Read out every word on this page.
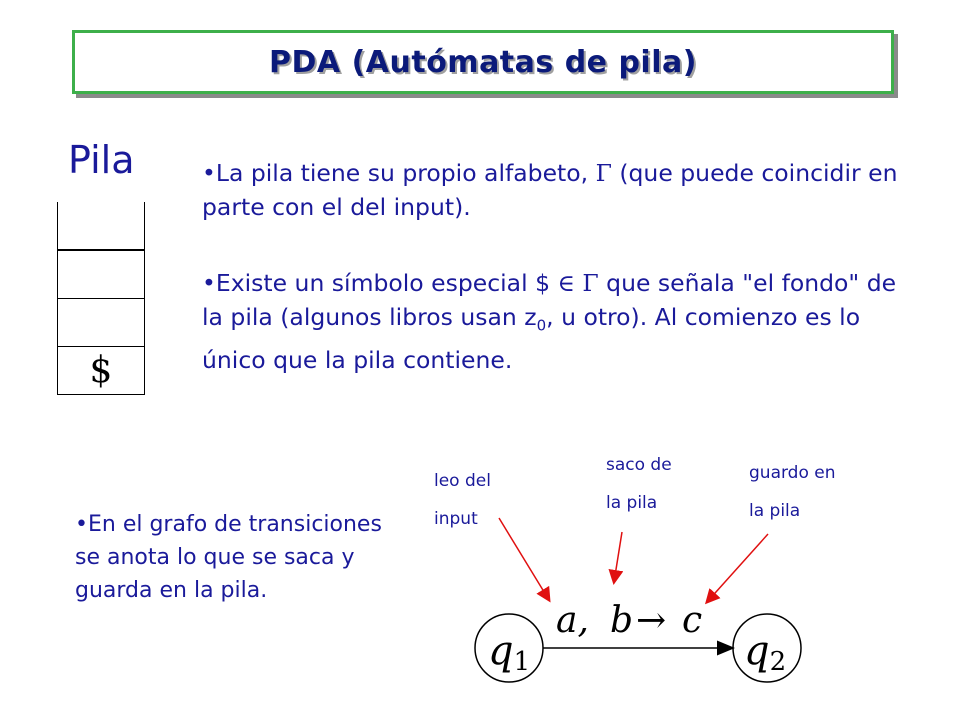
PDA (Autómatas de pila)
Pila
$
•La pila tiene su propio alfabeto, Γ (que puede coincidir en parte con el del input).
•Existe un símbolo especial $ ∈ Γ que señala "el fondo" de la pila (algunos libros usan $z_0$, u otro). Al comienzo es lo único que la pila contiene.
•En el grafo de transiciones se anota lo que se saca y guarda en la pila.
leo del
input
saco de
la pila
guardo en
la pila
q1	q2
a, b → c
